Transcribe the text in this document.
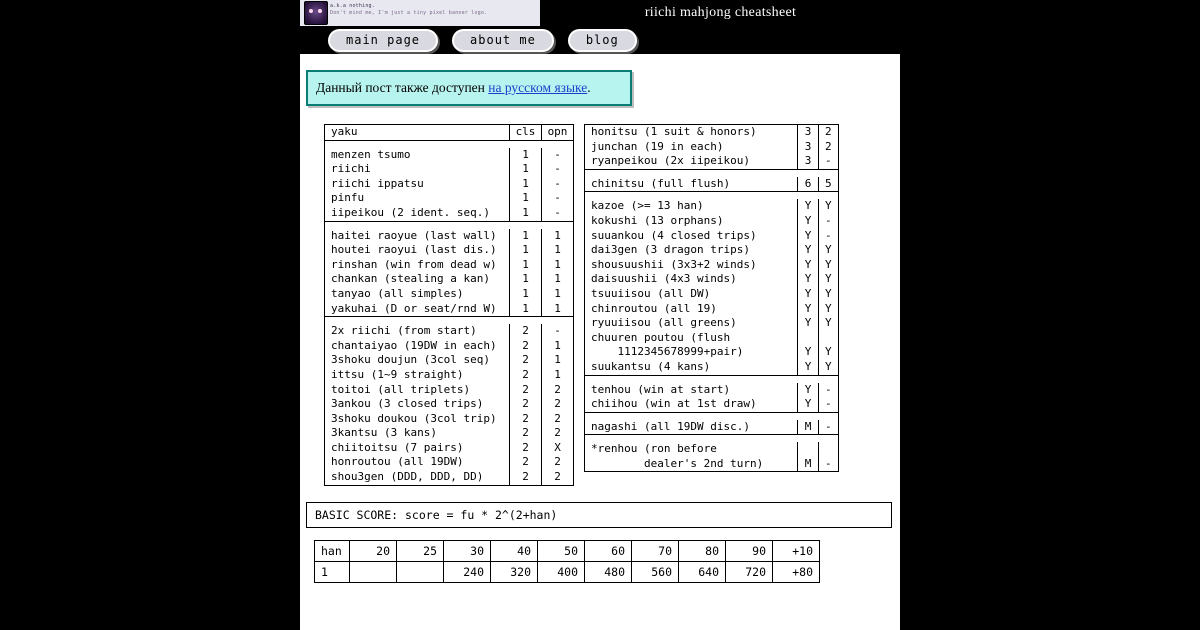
a.k.a nothing.
Don't mind me, I'm just a tiny pixel banner logo.	riichi mahjong cheatsheet
main page	about me	blog
Данный пост также доступен на русском языке.
yaku	cls	opn

menzen tsumo	1	-
riichi	1	-
riichi ippatsu	1	-
pinfu	1	-
iipeikou (2 ident. seq.)	1	-

haitei raoyue (last wall)	1	1
houtei raoyui (last dis.)	1	1
rinshan (win from dead w)	1	1
chankan (stealing a kan)	1	1
tanyao (all simples)	1	1
yakuhai (D or seat/rnd W)	1	1

2x riichi (from start)	2	-
chantaiyao (19DW in each)	2	1
3shoku doujun (3col seq)	2	1
ittsu (1~9 straight)	2	1
toitoi (all triplets)	2	2
3ankou (3 closed trips)	2	2
3shoku doukou (3col trip)	2	2
3kantsu (3 kans)	2	2
chiitoitsu (7 pairs)	2	X
honroutou (all 19DW)	2	2
shou3gen (DDD, DDD, DD)	2	2
honitsu (1 suit & honors)	3	2
junchan (19 in each)	3	2
ryanpeikou (2x iipeikou)	3	-

chinitsu (full flush)	6	5

kazoe (>= 13 han)	Y	Y
kokushi (13 orphans)	Y	-
suuankou (4 closed trips)	Y	-
dai3gen (3 dragon trips)	Y	Y
shousuushii (3x3+2 winds)	Y	Y
daisuushii (4x3 winds)	Y	Y
tsuuiisou (all DW)	Y	Y
chinroutou (all 19)	Y	Y
ryuuiisou (all greens)	Y	Y
chuuren poutou (flush		
1112345678999+pair)	Y	Y
suukantsu (4 kans)	Y	Y

tenhou (win at start)	Y	-
chiihou (win at 1st draw)	Y	-

nagashi (all 19DW disc.)	M	-

*renhou (ron before		
dealer's 2nd turn)	M	-
BASIC SCORE: score = fu * 2^(2+han)
han	20	25	30	40	50	60	70	80	90	+10
1			240	320	400	480	560	640	720	+80
